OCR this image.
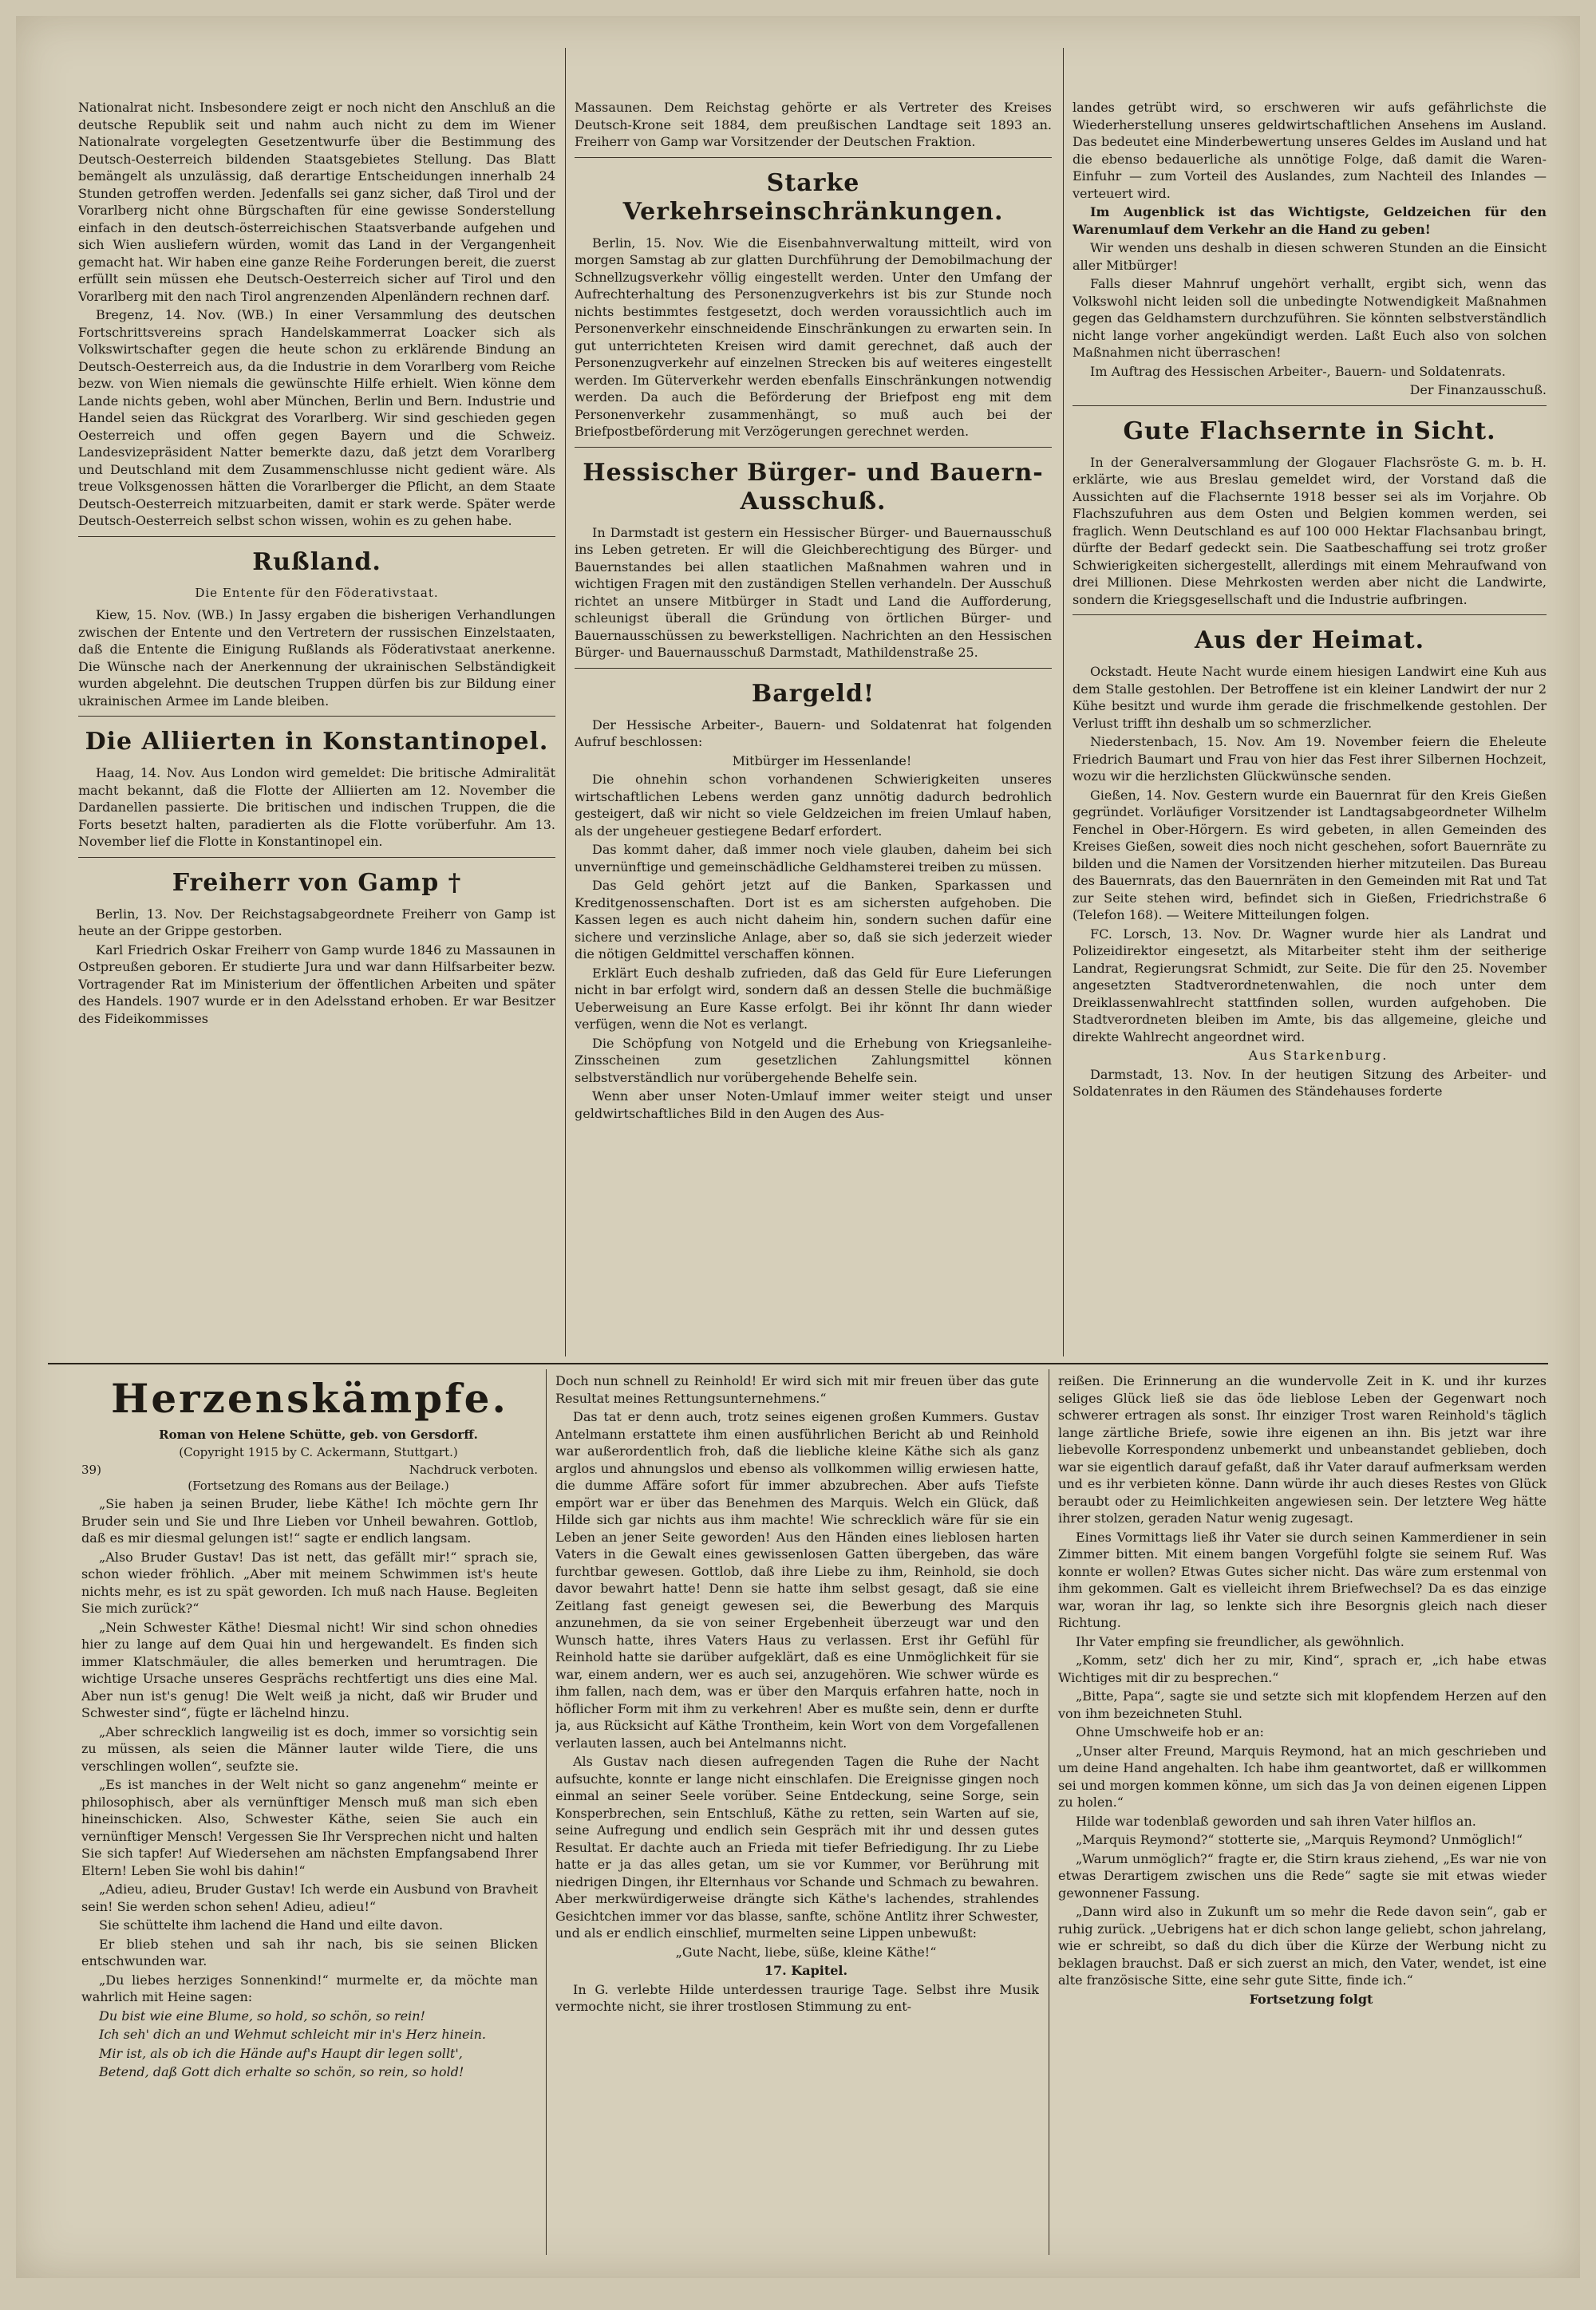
Nationalrat nicht. Insbesondere zeigt er noch nicht den Anschluß an die deutsche Republik seit und nahm auch nicht zu dem im Wiener Nationalrate vorgelegten Gesetzentwurfe über die Bestimmung des Deutsch-Oesterreich bildenden Staatsgebietes Stellung. Das Blatt bemängelt als unzulässig, daß derartige Entscheidungen innerhalb 24 Stunden getroffen werden. Jedenfalls sei ganz sicher, daß Tirol und der Vorarlberg nicht ohne Bürgschaften für eine gewisse Sonderstellung einfach in den deutsch-österreichischen Staatsverbande aufgehen und sich Wien ausliefern würden, womit das Land in der Vergangenheit gemacht hat. Wir haben eine ganze Reihe Forderungen bereit, die zuerst erfüllt sein müssen ehe Deutsch-Oesterreich sicher auf Tirol und den Vorarlberg mit den nach Tirol angrenzenden Alpenländern rechnen darf.

Bregenz, 14. Nov. (WB.) In einer Versammlung des deutschen Fortschrittsvereins sprach Handelskammerrat Loacker sich als Volkswirtschafter gegen die heute schon zu erklärende Bindung an Deutsch-Oesterreich aus, da die Industrie in dem Vorarlberg vom Reiche bezw. von Wien niemals die gewünschte Hilfe erhielt. Wien könne dem Lande nichts geben, wohl aber München, Berlin und Bern. Industrie und Handel seien das Rückgrat des Vorarlberg. Wir sind geschieden gegen Oesterreich und offen gegen Bayern und die Schweiz. Landesvizepräsident Natter bemerkte dazu, daß jetzt dem Vorarlberg und Deutschland mit dem Zusammenschlusse nicht gedient wäre. Als treue Volksgenossen hätten die Vorarlberger die Pflicht, an dem Staate Deutsch-Oesterreich mitzuarbeiten, damit er stark werde. Später werde Deutsch-Oesterreich selbst schon wissen, wohin es zu gehen habe.

Rußland.
Die Entente für den Föderativstaat.

Kiew, 15. Nov. (WB.) In Jassy ergaben die bisherigen Verhandlungen zwischen der Entente und den Vertretern der russischen Einzelstaaten, daß die Entente die Einigung Rußlands als Föderativstaat anerkenne. Die Wünsche nach der Anerkennung der ukrainischen Selbständigkeit wurden abgelehnt. Die deutschen Truppen dürfen bis zur Bildung einer ukrainischen Armee im Lande bleiben.

Die Alliierten in Konstantinopel.

Haag, 14. Nov. Aus London wird gemeldet: Die britische Admiralität macht bekannt, daß die Flotte der Alliierten am 12. November die Dardanellen passierte. Die britischen und indischen Truppen, die die Forts besetzt halten, paradierten als die Flotte vorüberfuhr. Am 13. November lief die Flotte in Konstantinopel ein.

Freiherr von Gamp †

Berlin, 13. Nov. Der Reichstagsabgeordnete Freiherr von Gamp ist heute an der Grippe gestorben.

Karl Friedrich Oskar Freiherr von Gamp wurde 1846 zu Massaunen in Ostpreußen geboren. Er studierte Jura und war dann Hilfsarbeiter bezw. Vortragender Rat im Ministerium der öffentlichen Arbeiten und später des Handels. 1907 wurde er in den Adelsstand erhoben. Er war Besitzer des Fideikommisses

Massaunen. Dem Reichstag gehörte er als Vertreter des Kreises Deutsch-Krone seit 1884, dem preußischen Landtage seit 1893 an. Freiherr von Gamp war Vorsitzender der Deutschen Fraktion.

Starke Verkehrseinschränkungen.

Berlin, 15. Nov. Wie die Eisenbahnverwaltung mitteilt, wird von morgen Samstag ab zur glatten Durchführung der Demobilmachung der Schnellzugsverkehr völlig eingestellt werden. Unter den Umfang der Aufrechterhaltung des Personenzugverkehrs ist bis zur Stunde noch nichts bestimmtes festgesetzt, doch werden voraussichtlich auch im Personenverkehr einschneidende Einschränkungen zu erwarten sein. In gut unterrichteten Kreisen wird damit gerechnet, daß auch der Personenzugverkehr auf einzelnen Strecken bis auf weiteres eingestellt werden. Im Güterverkehr werden ebenfalls Einschränkungen notwendig werden. Da auch die Beförderung der Briefpost eng mit dem Personenverkehr zusammenhängt, so muß auch bei der Briefpostbeförderung mit Verzögerungen gerechnet werden.

Hessischer Bürger- und Bauern-Ausschuß.

In Darmstadt ist gestern ein Hessischer Bürger- und Bauernausschuß ins Leben getreten. Er will die Gleichberechtigung des Bürger- und Bauernstandes bei allen staatlichen Maßnahmen wahren und in wichtigen Fragen mit den zuständigen Stellen verhandeln. Der Ausschuß richtet an unsere Mitbürger in Stadt und Land die Aufforderung, schleunigst überall die Gründung von örtlichen Bürger- und Bauernausschüssen zu bewerkstelligen. Nachrichten an den Hessischen Bürger- und Bauernausschuß Darmstadt, Mathildenstraße 25.

Bargeld!

Der Hessische Arbeiter-, Bauern- und Soldatenrat hat folgenden Aufruf beschlossen:

Mitbürger im Hessenlande!

Die ohnehin schon vorhandenen Schwierigkeiten unseres wirtschaftlichen Lebens werden ganz unnötig dadurch bedrohlich gesteigert, daß wir nicht so viele Geldzeichen im freien Umlauf haben, als der ungeheuer gestiegene Bedarf erfordert.

Das kommt daher, daß immer noch viele glauben, daheim bei sich unvernünftige und gemeinschädliche Geldhamsterei treiben zu müssen.

Das Geld gehört jetzt auf die Banken, Sparkassen und Kreditgenossenschaften. Dort ist es am sichersten aufgehoben. Die Kassen legen es auch nicht daheim hin, sondern suchen dafür eine sichere und verzinsliche Anlage, aber so, daß sie sich jederzeit wieder die nötigen Geldmittel verschaffen können.

Erklärt Euch deshalb zufrieden, daß das Geld für Eure Lieferungen nicht in bar erfolgt wird, sondern daß an dessen Stelle die buchmäßige Ueberweisung an Eure Kasse erfolgt. Bei ihr könnt Ihr dann wieder verfügen, wenn die Not es verlangt.

Die Schöpfung von Notgeld und die Erhebung von Kriegsanleihe-Zinsscheinen zum gesetzlichen Zahlungsmittel können selbstverständlich nur vorübergehende Behelfe sein.

Wenn aber unser Noten-Umlauf immer weiter steigt und unser geldwirtschaftliches Bild in den Augen des Aus-

landes getrübt wird, so erschweren wir aufs gefährlichste die Wiederherstellung unseres geldwirtschaftlichen Ansehens im Ausland. Das bedeutet eine Minderbewertung unseres Geldes im Ausland und hat die ebenso bedauerliche als unnötige Folge, daß damit die Waren-Einfuhr — zum Vorteil des Auslandes, zum Nachteil des Inlandes — verteuert wird.

Im Augenblick ist das Wichtigste, Geldzeichen für den Warenumlauf dem Verkehr an die Hand zu geben!

Wir wenden uns deshalb in diesen schweren Stunden an die Einsicht aller Mitbürger!

Falls dieser Mahnruf ungehört verhallt, ergibt sich, wenn das Volkswohl nicht leiden soll die unbedingte Notwendigkeit Maßnahmen gegen das Geldhamstern durchzuführen. Sie könnten selbstverständlich nicht lange vorher angekündigt werden. Laßt Euch also von solchen Maßnahmen nicht überraschen!

Im Auftrag des Hessischen Arbeiter-, Bauern- und Soldatenrats.

Der Finanzausschuß.

Gute Flachsernte in Sicht.

In der Generalversammlung der Glogauer Flachsröste G. m. b. H. erklärte, wie aus Breslau gemeldet wird, der Vorstand daß die Aussichten auf die Flachsernte 1918 besser sei als im Vorjahre. Ob Flachszufuhren aus dem Osten und Belgien kommen werden, sei fraglich. Wenn Deutschland es auf 100 000 Hektar Flachsanbau bringt, dürfte der Bedarf gedeckt sein. Die Saatbeschaffung sei trotz großer Schwierigkeiten sichergestellt, allerdings mit einem Mehraufwand von drei Millionen. Diese Mehrkosten werden aber nicht die Landwirte, sondern die Kriegsgesellschaft und die Industrie aufbringen.

Aus der Heimat.

Ockstadt. Heute Nacht wurde einem hiesigen Landwirt eine Kuh aus dem Stalle gestohlen. Der Betroffene ist ein kleiner Landwirt der nur 2 Kühe besitzt und wurde ihm gerade die frischmelkende gestohlen. Der Verlust trifft ihn deshalb um so schmerzlicher.

Niederstenbach, 15. Nov. Am 19. November feiern die Eheleute Friedrich Baumart und Frau von hier das Fest ihrer Silbernen Hochzeit, wozu wir die herzlichsten Glückwünsche senden.

Gießen, 14. Nov. Gestern wurde ein Bauernrat für den Kreis Gießen gegründet. Vorläufiger Vorsitzender ist Landtagsabgeordneter Wilhelm Fenchel in Ober-Hörgern. Es wird gebeten, in allen Gemeinden des Kreises Gießen, soweit dies noch nicht geschehen, sofort Bauernräte zu bilden und die Namen der Vorsitzenden hierher mitzuteilen. Das Bureau des Bauernrats, das den Bauernräten in den Gemeinden mit Rat und Tat zur Seite stehen wird, befindet sich in Gießen, Friedrichstraße 6 (Telefon 168). — Weitere Mitteilungen folgen.

FC. Lorsch, 13. Nov. Dr. Wagner wurde hier als Landrat und Polizeidirektor eingesetzt, als Mitarbeiter steht ihm der seitherige Landrat, Regierungsrat Schmidt, zur Seite. Die für den 25. November angesetzten Stadtverordnetenwahlen, die noch unter dem Dreiklassenwahlrecht stattfinden sollen, wurden aufgehoben. Die Stadtverordneten bleiben im Amte, bis das allgemeine, gleiche und direkte Wahlrecht angeordnet wird.

Aus Starkenburg.

Darmstadt, 13. Nov. In der heutigen Sitzung des Arbeiter- und Soldatenrates in den Räumen des Ständehauses forderte

Herzenskämpfe.

Roman von Helene Schütte, geb. von Gersdorff.

(Copyright 1915 by C. Ackermann, Stuttgart.)

39)	Nachdruck verboten.

(Fortsetzung des Romans aus der Beilage.)

„Sie haben ja seinen Bruder, liebe Käthe! Ich möchte gern Ihr Bruder sein und Sie und Ihre Lieben vor Unheil bewahren. Gottlob, daß es mir diesmal gelungen ist!“ sagte er endlich langsam.

„Also Bruder Gustav! Das ist nett, das gefällt mir!“ sprach sie, schon wieder fröhlich. „Aber mit meinem Schwimmen ist's heute nichts mehr, es ist zu spät geworden. Ich muß nach Hause. Begleiten Sie mich zurück?“

„Nein Schwester Käthe! Diesmal nicht! Wir sind schon ohnedies hier zu lange auf dem Quai hin und hergewandelt. Es finden sich immer Klatschmäuler, die alles bemerken und herumtragen. Die wichtige Ursache unseres Gesprächs rechtfertigt uns dies eine Mal. Aber nun ist's genug! Die Welt weiß ja nicht, daß wir Bruder und Schwester sind“, fügte er lächelnd hinzu.

„Aber schrecklich langweilig ist es doch, immer so vorsichtig sein zu müssen, als seien die Männer lauter wilde Tiere, die uns verschlingen wollen“, seufzte sie.

„Es ist manches in der Welt nicht so ganz angenehm“ meinte er philosophisch, aber als vernünftiger Mensch muß man sich eben hineinschicken. Also, Schwester Käthe, seien Sie auch ein vernünftiger Mensch! Vergessen Sie Ihr Versprechen nicht und halten Sie sich tapfer! Auf Wiedersehen am nächsten Empfangsabend Ihrer Eltern! Leben Sie wohl bis dahin!“

„Adieu, adieu, Bruder Gustav! Ich werde ein Ausbund von Bravheit sein! Sie werden schon sehen! Adieu, adieu!“

Sie schüttelte ihm lachend die Hand und eilte davon.

Er blieb stehen und sah ihr nach, bis sie seinen Blicken entschwunden war.

„Du liebes herziges Sonnenkind!“ murmelte er, da möchte man wahrlich mit Heine sagen:

Du bist wie eine Blume, so hold, so schön, so rein!

Ich seh' dich an und Wehmut schleicht mir in's Herz hinein.

Mir ist, als ob ich die Hände auf's Haupt dir legen sollt',

Betend, daß Gott dich erhalte so schön, so rein, so hold!

Doch nun schnell zu Reinhold! Er wird sich mit mir freuen über das gute Resultat meines Rettungsunternehmens.“

Das tat er denn auch, trotz seines eigenen großen Kummers. Gustav Antelmann erstattete ihm einen ausführlichen Bericht ab und Reinhold war außerordentlich froh, daß die liebliche kleine Käthe sich als ganz arglos und ahnungslos und ebenso als vollkommen willig erwiesen hatte, die dumme Affäre sofort für immer abzubrechen. Aber aufs Tiefste empört war er über das Benehmen des Marquis. Welch ein Glück, daß Hilde sich gar nichts aus ihm machte! Wie schrecklich wäre für sie ein Leben an jener Seite geworden! Aus den Händen eines lieblosen harten Vaters in die Gewalt eines gewissenlosen Gatten übergeben, das wäre furchtbar gewesen. Gottlob, daß ihre Liebe zu ihm, Reinhold, sie doch davor bewahrt hatte! Denn sie hatte ihm selbst gesagt, daß sie eine Zeitlang fast geneigt gewesen sei, die Bewerbung des Marquis anzunehmen, da sie von seiner Ergebenheit überzeugt war und den Wunsch hatte, ihres Vaters Haus zu verlassen. Erst ihr Gefühl für Reinhold hatte sie darüber aufgeklärt, daß es eine Unmöglichkeit für sie war, einem andern, wer es auch sei, anzugehören. Wie schwer würde es ihm fallen, nach dem, was er über den Marquis erfahren hatte, noch in höflicher Form mit ihm zu verkehren! Aber es mußte sein, denn er durfte ja, aus Rücksicht auf Käthe Trontheim, kein Wort von dem Vorgefallenen verlauten lassen, auch bei Antelmanns nicht.

Als Gustav nach diesen aufregenden Tagen die Ruhe der Nacht aufsuchte, konnte er lange nicht einschlafen. Die Ereignisse gingen noch einmal an seiner Seele vorüber. Seine Entdeckung, seine Sorge, sein Konsperbrechen, sein Entschluß, Käthe zu retten, sein Warten auf sie, seine Aufregung und endlich sein Gespräch mit ihr und dessen gutes Resultat. Er dachte auch an Frieda mit tiefer Befriedigung. Ihr zu Liebe hatte er ja das alles getan, um sie vor Kummer, vor Berührung mit niedrigen Dingen, ihr Elternhaus vor Schande und Schmach zu bewahren. Aber merkwürdigerweise drängte sich Käthe's lachendes, strahlendes Gesichtchen immer vor das blasse, sanfte, schöne Antlitz ihrer Schwester, und als er endlich einschlief, murmelten seine Lippen unbewußt:

„Gute Nacht, liebe, süße, kleine Käthe!“

17. Kapitel.

In G. verlebte Hilde unterdessen traurige Tage. Selbst ihre Musik vermochte nicht, sie ihrer trostlosen Stimmung zu ent-

reißen. Die Erinnerung an die wundervolle Zeit in K. und ihr kurzes seliges Glück ließ sie das öde lieblose Leben der Gegenwart noch schwerer ertragen als sonst. Ihr einziger Trost waren Reinhold's täglich lange zärtliche Briefe, sowie ihre eigenen an ihn. Bis jetzt war ihre liebevolle Korrespondenz unbemerkt und unbeanstandet geblieben, doch war sie eigentlich darauf gefaßt, daß ihr Vater darauf aufmerksam werden und es ihr verbieten könne. Dann würde ihr auch dieses Restes von Glück beraubt oder zu Heimlichkeiten angewiesen sein. Der letztere Weg hätte ihrer stolzen, geraden Natur wenig zugesagt.

Eines Vormittags ließ ihr Vater sie durch seinen Kammerdiener in sein Zimmer bitten. Mit einem bangen Vorgefühl folgte sie seinem Ruf. Was konnte er wollen? Etwas Gutes sicher nicht. Das wäre zum erstenmal von ihm gekommen. Galt es vielleicht ihrem Briefwechsel? Da es das einzige war, woran ihr lag, so lenkte sich ihre Besorgnis gleich nach dieser Richtung.

Ihr Vater empfing sie freundlicher, als gewöhnlich.

„Komm, setz' dich her zu mir, Kind“, sprach er, „ich habe etwas Wichtiges mit dir zu besprechen.“

„Bitte, Papa“, sagte sie und setzte sich mit klopfendem Herzen auf den von ihm bezeichneten Stuhl.

Ohne Umschweife hob er an:

„Unser alter Freund, Marquis Reymond, hat an mich geschrieben und um deine Hand angehalten. Ich habe ihm geantwortet, daß er willkommen sei und morgen kommen könne, um sich das Ja von deinen eigenen Lippen zu holen.“

Hilde war todenblaß geworden und sah ihren Vater hilflos an.

„Marquis Reymond?“ stotterte sie, „Marquis Reymond? Unmöglich!“

„Warum unmöglich?“ fragte er, die Stirn kraus ziehend, „Es war nie von etwas Derartigem zwischen uns die Rede“ sagte sie mit etwas wieder gewonnener Fassung.

„Dann wird also in Zukunft um so mehr die Rede davon sein“, gab er ruhig zurück. „Uebrigens hat er dich schon lange geliebt, schon jahrelang, wie er schreibt, so daß du dich über die Kürze der Werbung nicht zu beklagen brauchst. Daß er sich zuerst an mich, den Vater, wendet, ist eine alte französische Sitte, eine sehr gute Sitte, finde ich.“

Fortsetzung folgt
